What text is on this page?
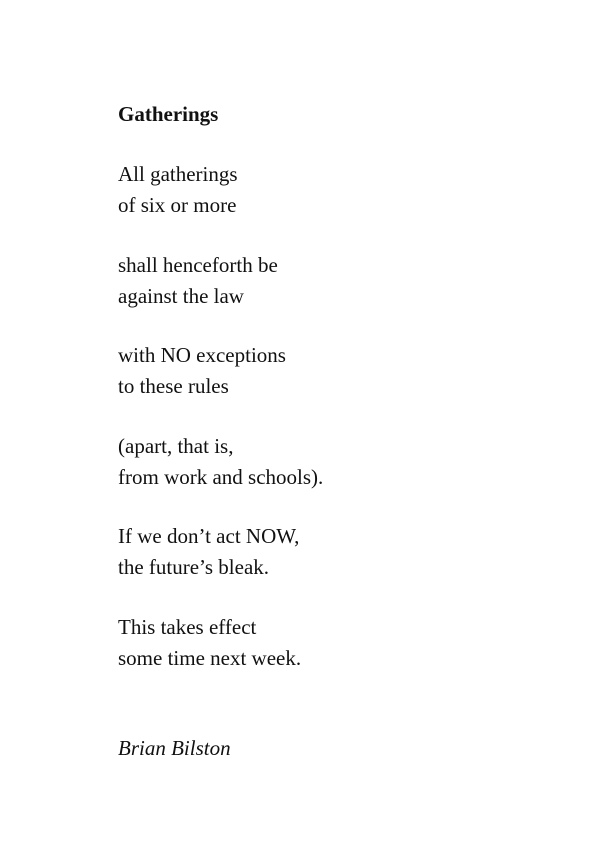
Gatherings
All gatherings
of six or more
shall henceforth be
against the law
with NO exceptions
to these rules
(apart, that is,
from work and schools).
If we don’t act NOW,
the future’s bleak.
This takes effect
some time next week.
Brian Bilston
